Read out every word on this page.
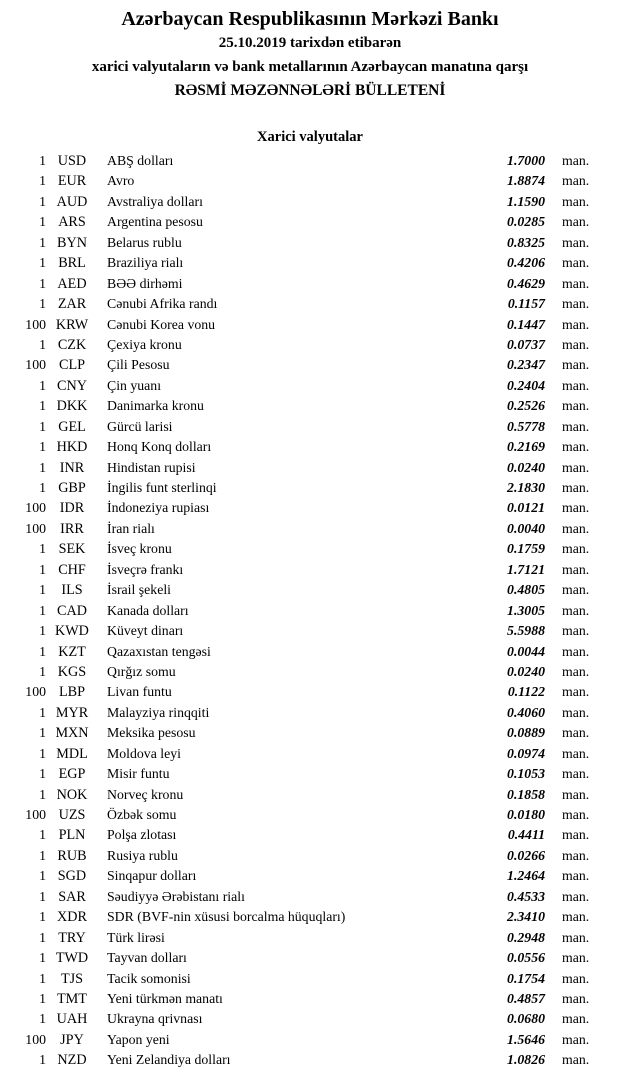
Azərbaycan Respublikasının Mərkəzi Bankı
25.10.2019 tarixdən etibarən
xarici valyutaların və bank metallarının Azərbaycan manatına qarşı
RƏSMİ MƏZƏNNƏLƏRİ BÜLLETENİ
Xarici valyutalar
1 USD	ABŞ dolları	1.7000	man.
1 EUR	Avro	1.8874	man.
1 AUD	Avstraliya dolları	1.1590	man.
1 ARS	Argentina pesosu	0.0285	man.
1 BYN	Belarus rublu	0.8325	man.
1 BRL	Braziliya rialı	0.4206	man.
1 AED	BƏƏ dirhəmi	0.4629	man.
1 ZAR	Cənubi Afrika randı	0.1157	man.
100 KRW	Cənubi Korea vonu	0.1447	man.
1 CZK	Çexiya kronu	0.0737	man.
100 CLP	Çili Pesosu	0.2347	man.
1 CNY	Çin yuanı	0.2404	man.
1 DKK	Danimarka kronu	0.2526	man.
1 GEL	Gürcü larisi	0.5778	man.
1 HKD	Honq Konq dolları	0.2169	man.
1 INR	Hindistan rupisi	0.0240	man.
1 GBP	İngilis funt sterlinqi	2.1830	man.
100 IDR	İndoneziya rupiası	0.0121	man.
100 IRR	İran rialı	0.0040	man.
1 SEK	İsveç kronu	0.1759	man.
1 CHF	İsveçrə frankı	1.7121	man.
1	ILS	İsrail şekeli	0.4805	man.
1 CAD	Kanada dolları	1.3005	man.
1 KWD	Küveyt dinarı	5.5988	man.
1 KZT	Qazaxıstan tengəsi	0.0044	man.
1 KGS	Qırğız somu	0.0240	man.
100 LBP	Livan funtu	0.1122	man.
1 MYR	Malayziya rinqqiti	0.4060	man.
1 MXN	Meksika pesosu	0.0889	man.
1 MDL	Moldova leyi	0.0974	man.
1 EGP	Misir funtu	0.1053	man.
1 NOK	Norveç kronu	0.1858	man.
100 UZS	Özbək somu	0.0180	man.
1 PLN	Polşa zlotası	0.4411	man.
1 RUB	Rusiya rublu	0.0266	man.
1 SGD	Sinqapur dolları	1.2464	man.
1 SAR	Səudiyyə Ərəbistanı rialı	0.4533	man.
1 XDR	SDR (BVF-nin xüsusi borcalma hüquqları)	2.3410	man.
1 TRY	Türk lirəsi	0.2948	man.
1 TWD	Tayvan dolları	0.0556	man.
1	TJS	Tacik somonisi	0.1754	man.
1 TMT	Yeni türkmən manatı	0.4857	man.
1 UAH	Ukrayna qrivnası	0.0680	man.
100 JPY	Yapon yeni	1.5646	man.
1 NZD	Yeni Zelandiya dolları	1.0826	man.
